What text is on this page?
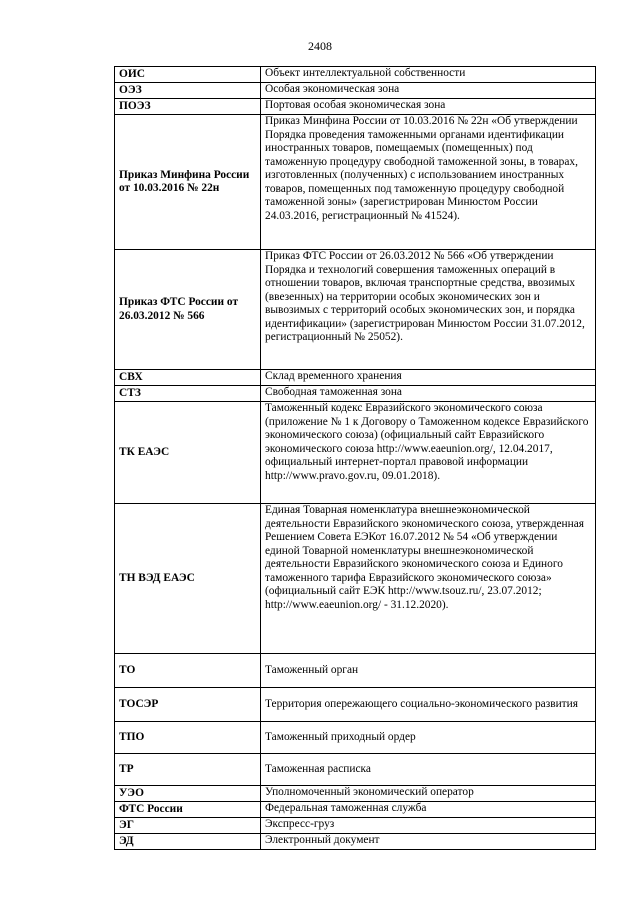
2408
ОИС	Объект интеллектуальной собственности
ОЭЗ	Особая экономическая зона
ПОЭЗ	Портовая особая экономическая зона
Приказ Минфина России от 10.03.2016 № 22н	Приказ Минфина России от 10.03.2016 № 22н «Об утверждении Порядка проведения таможенными органами идентификации иностранных товаров, помещаемых (помещенных) под таможенную процедуру свободной таможенной зоны, в товарах, изготовленных (полученных) с использованием иностранных товаров, помещенных под таможенную процедуру свободной таможенной зоны» (зарегистрирован Минюстом России 24.03.2016, регистрационный № 41524).
Приказ ФТС России от 26.03.2012 № 566	Приказ ФТС России от 26.03.2012 № 566 «Об утверждении Порядка и технологий совершения таможенных операций в отношении товаров, включая транспортные средства, ввозимых (ввезенных) на территории особых экономических зон и вывозимых с территорий особых экономических зон, и порядка идентификации» (зарегистрирован Минюстом России 31.07.2012, регистрационный № 25052).
СВХ	Склад временного хранения
СТЗ	Свободная таможенная зона
ТК ЕАЭС	Таможенный кодекс Евразийского экономического союза (приложение № 1 к Договору о Таможенном кодексе Евразийского экономического союза) (официальный сайт Евразийского экономического союза http://www.eaeunion.org/, 12.04.2017, официальный интернет-портал правовой информации http://www.pravo.gov.ru, 09.01.2018).
ТН ВЭД ЕАЭС	Единая Товарная номенклатура внешнеэкономической деятельности Евразийского экономического союза, утвержденная Решением Совета ЕЭКот 16.07.2012 № 54 «Об утверждении единой Товарной номенклатуры внешнеэкономической деятельности Евразийского экономического союза и Единого таможенного тарифа Евразийского экономического союза» (официальный сайт ЕЭК http://www.tsouz.ru/, 23.07.2012; http://www.eaeunion.org/ - 31.12.2020).
ТО	Таможенный орган
ТОСЭР	Территория опережающего социально-экономического развития
ТПО	Таможенный приходный ордер
ТР	Таможенная расписка
УЭО	Уполномоченный экономический оператор
ФТС России	Федеральная таможенная служба
ЭГ	Экспресс-груз
ЭД	Электронный документ
